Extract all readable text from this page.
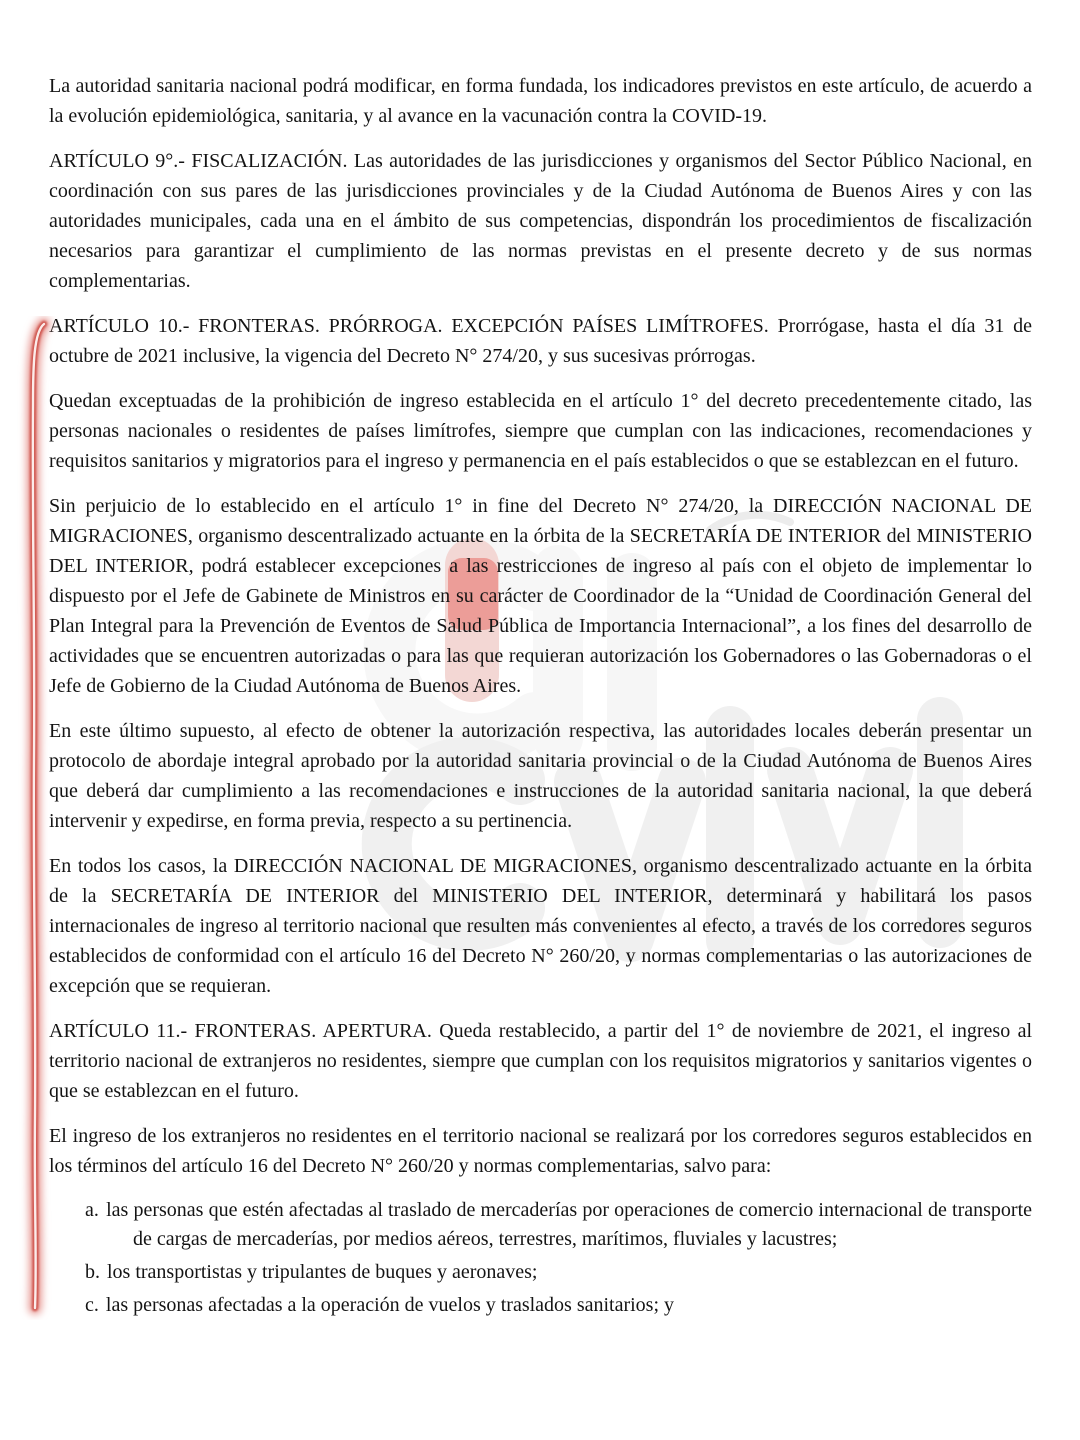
La autoridad sanitaria nacional podrá modificar, en forma fundada, los indicadores previstos en este artículo, de acuerdo a la evolución epidemiológica, sanitaria, y al avance en la vacunación contra la COVID-19.

ARTÍCULO 9°.- FISCALIZACIÓN. Las autoridades de las jurisdicciones y organismos del Sector Público Nacional, en coordinación con sus pares de las jurisdicciones provinciales y de la Ciudad Autónoma de Buenos Aires y con las autoridades municipales, cada una en el ámbito de sus competencias, dispondrán los procedimientos de fiscalización necesarios para garantizar el cumplimiento de las normas previstas en el presente decreto y de sus normas complementarias.

ARTÍCULO 10.- FRONTERAS. PRÓRROGA. EXCEPCIÓN PAÍSES LIMÍTROFES. Prorrógase, hasta el día 31 de octubre de 2021 inclusive, la vigencia del Decreto N° 274/20, y sus sucesivas prórrogas.

Quedan exceptuadas de la prohibición de ingreso establecida en el artículo 1° del decreto precedentemente citado, las personas nacionales o residentes de países limítrofes, siempre que cumplan con las indicaciones, recomendaciones y requisitos sanitarios y migratorios para el ingreso y permanencia en el país establecidos o que se establezcan en el futuro.

Sin perjuicio de lo establecido en el artículo 1° in fine del Decreto N° 274/20, la DIRECCIÓN NACIONAL DE MIGRACIONES, organismo descentralizado actuante en la órbita de la SECRETARÍA DE INTERIOR del MINISTERIO DEL INTERIOR, podrá establecer excepciones a las restricciones de ingreso al país con el objeto de implementar lo dispuesto por el Jefe de Gabinete de Ministros en su carácter de Coordinador de la “Unidad de Coordinación General del Plan Integral para la Prevención de Eventos de Salud Pública de Importancia Internacional”, a los fines del desarrollo de actividades que se encuentren autorizadas o para las que requieran autorización los Gobernadores o las Gobernadoras o el Jefe de Gobierno de la Ciudad Autónoma de Buenos Aires.

En este último supuesto, al efecto de obtener la autorización respectiva, las autoridades locales deberán presentar un protocolo de abordaje integral aprobado por la autoridad sanitaria provincial o de la Ciudad Autónoma de Buenos Aires que deberá dar cumplimiento a las recomendaciones e instrucciones de la autoridad sanitaria nacional, la que deberá intervenir y expedirse, en forma previa, respecto a su pertinencia.

En todos los casos, la DIRECCIÓN NACIONAL DE MIGRACIONES, organismo descentralizado actuante en la órbita de la SECRETARÍA DE INTERIOR del MINISTERIO DEL INTERIOR, determinará y habilitará los pasos internacionales de ingreso al territorio nacional que resulten más convenientes al efecto, a través de los corredores seguros establecidos de conformidad con el artículo 16 del Decreto N° 260/20, y normas complementarias o las autorizaciones de excepción que se requieran.

ARTÍCULO 11.- FRONTERAS. APERTURA. Queda restablecido, a partir del 1° de noviembre de 2021, el ingreso al territorio nacional de extranjeros no residentes, siempre que cumplan con los requisitos migratorios y sanitarios vigentes o que se establezcan en el futuro.

El ingreso de los extranjeros no residentes en el territorio nacional se realizará por los corredores seguros establecidos en los términos del artículo 16 del Decreto N° 260/20 y normas complementarias, salvo para:

a. las personas que estén afectadas al traslado de mercaderías por operaciones de comercio internacional de transporte de cargas de mercaderías, por medios aéreos, terrestres, marítimos, fluviales y lacustres;
b. los transportistas y tripulantes de buques y aeronaves;
c. las personas afectadas a la operación de vuelos y traslados sanitarios; y
